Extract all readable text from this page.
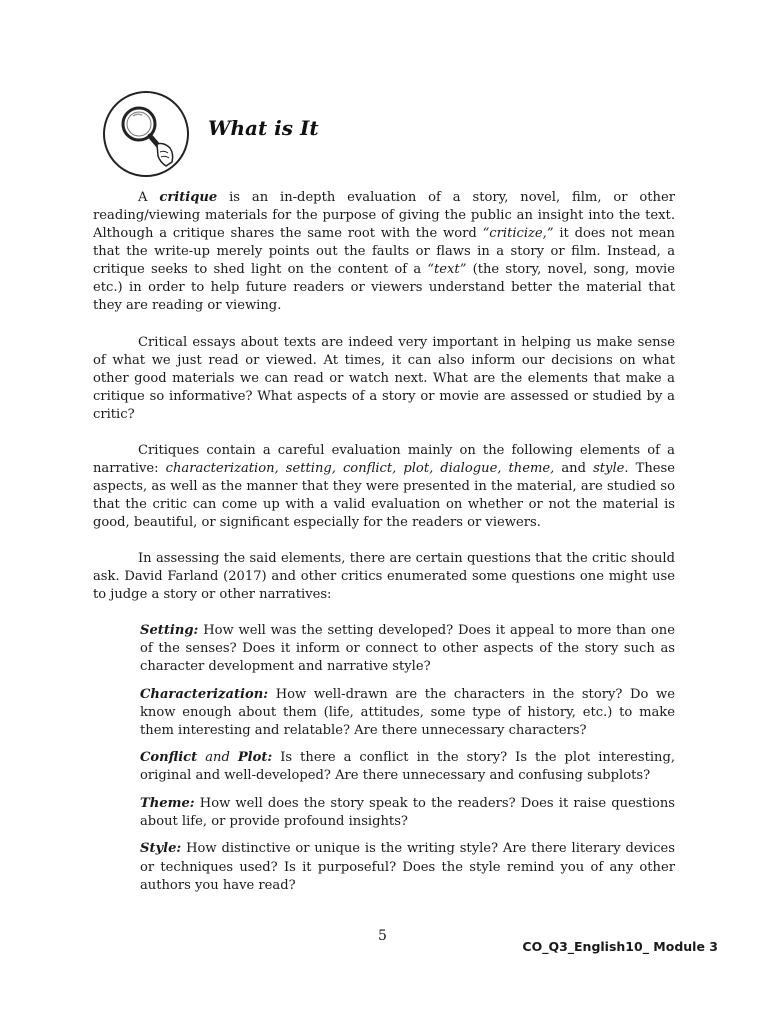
What is It

A critique is an in-depth evaluation of a story, novel, film, or other reading/viewing materials for the purpose of giving the public an insight into the text. Although a critique shares the same root with the word “criticize,” it does not mean that the write-up merely points out the faults or flaws in a story or film. Instead, a critique seeks to shed light on the content of a “text” (the story, novel, song, movie etc.) in order to help future readers or viewers understand better the material that they are reading or viewing.

Critical essays about texts are indeed very important in helping us make sense of what we just read or viewed. At times, it can also inform our decisions on what other good materials we can read or watch next. What are the elements that make a critique so informative? What aspects of a story or movie are assessed or studied by a critic?

Critiques contain a careful evaluation mainly on the following elements of a narrative: characterization, setting, conflict, plot, dialogue, theme, and style. These aspects, as well as the manner that they were presented in the material, are studied so that the critic can come up with a valid evaluation on whether or not the material is good, beautiful, or significant especially for the readers or viewers.

In assessing the said elements, there are certain questions that the critic should ask. David Farland (2017) and other critics enumerated some questions one might use to judge a story or other narratives:

Setting: How well was the setting developed? Does it appeal to more than one of the senses? Does it inform or connect to other aspects of the story such as character development and narrative style?
Characterization: How well-drawn are the characters in the story? Do we know enough about them (life, attitudes, some type of history, etc.) to make them interesting and relatable? Are there unnecessary characters?
Conflict and Plot: Is there a conflict in the story? Is the plot interesting, original and well-developed? Are there unnecessary and confusing subplots?
Theme: How well does the story speak to the readers? Does it raise questions about life, or provide profound insights?
Style: How distinctive or unique is the writing style? Are there literary devices or techniques used? Is it purposeful? Does the style remind you of any other authors you have read?
5
CO_Q3_English10_ Module 3
